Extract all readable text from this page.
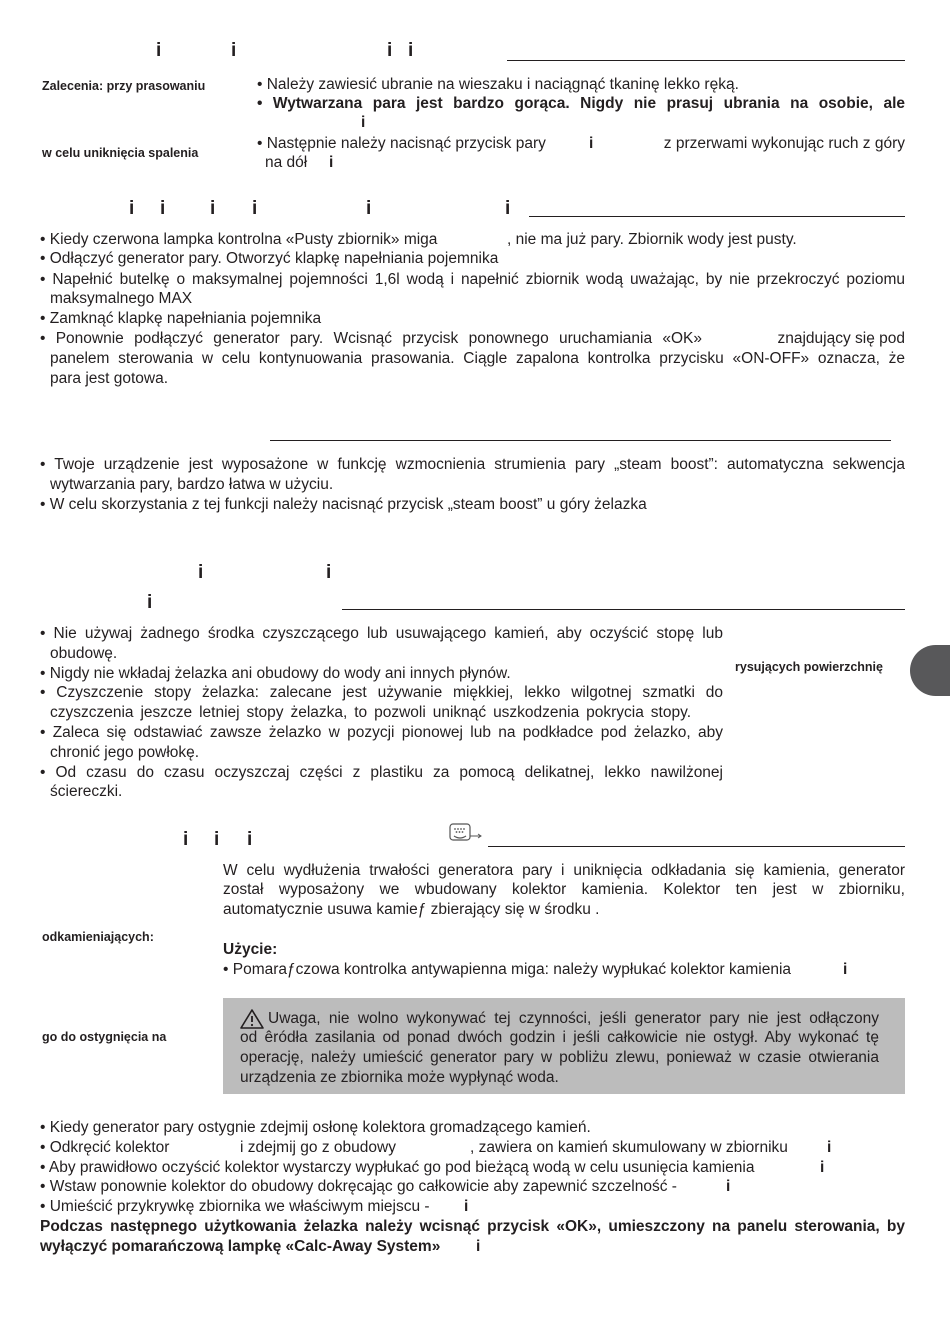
i	i	i i
Zalecenia: przy prasowaniu
w celu uniknięcia spalenia
• Należy zawiesić ubranie na wieszaku i naciągnąć tkaninę lekko ręką.
• Wytwarzana para jest bardzo gorąca. Nigdy nie prasuj ubrania na osobie, ale
i
• Następnie należy nacisnąć przycisk pary	i	z przerwami wykonując ruch z góry
na dół i
i i i i	i	i
• Kiedy czerwona lampka kontrolna «Pusty zbiornik» miga	, nie ma już pary. Zbiornik wody jest pusty.
• Odłączyć generator pary. Otworzyć klapkę napełniania pojemnika
• Napełnić butelkę o maksymalnej pojemności 1,6l wodą i napełnić zbiornik wodą uważając, by nie przekroczyć poziomu
maksymalnego MAX
• Zamknąć klapkę napełniania pojemnika
• Ponownie podłączyć generator pary. Wcisnąć przycisk ponownego uruchamiania «OK»	znajdujący się pod
panelem sterowania w celu kontynuowania prasowania. Ciągle zapalona kontrolka przycisku «ON-OFF» oznacza, że
para jest gotowa.
• Twoje urządzenie jest wyposażone w funkcję wzmocnienia strumienia pary „steam boost”: automatyczna sekwencja
wytwarzania pary, bardzo łatwa w użyciu.
• W celu skorzystania z tej funkcji należy nacisnąć przycisk „steam boost” u góry żelazka
i	i
i
• Nie używaj żadnego środka czyszczącego lub usuwającego kamień, aby oczyścić stopę lub
obudowę.
• Nigdy nie wkładaj żelazka ani obudowy do wody ani innych płynów.
• Czyszczenie stopy żelazka: zalecane jest używanie miękkiej, lekko wilgotnej szmatki do
czyszczenia jeszcze letniej stopy żelazka, to pozwoli uniknąć uszkodzenia pokrycia stopy.
• Zaleca się odstawiać zawsze żelazko w pozycji pionowej lub na podkładce pod żelazko, aby
chronić jego powłokę.
• Od czasu do czasu oczyszczaj części z plastiku za pomocą delikatnej, lekko nawilżonej
ściereczki.
rysujących powierzchnię
i i i
odkamieniających:
go do ostygnięcia na
W celu wydłużenia trwałości generatora pary i uniknięcia odkładania się kamienia, generator
został wyposażony we wbudowany kolektor kamienia. Kolektor ten jest w zbiorniku,
automatycznie usuwa kamieƒ zbierający się w środku .
Użycie:
• Pomaraƒczowa kontrolka antywapienna miga: należy wypłukać kolektor kamienia	i
Uwaga, nie wolno wykonywać tej czynności, jeśli generator pary nie jest odłączony
od êródła zasilania od ponad dwóch godzin i jeśli całkowicie nie ostygł. Aby wykonać tę
operację, należy umieścić generator pary w pobliżu zlewu, ponieważ w czasie otwierania
urządzenia ze zbiornika może wypłynąć woda.
• Kiedy generator pary ostygnie zdejmij osłonę kolektora gromadzącego kamień.
• Odkręcić kolektor	i zdejmij go z obudowy	, zawiera on kamień skumulowany w zbiorniku	i
• Aby prawidłowo oczyścić kolektor wystarczy wypłukać go pod bieżącą wodą w celu usunięcia kamienia	i
• Wstaw ponownie kolektor do obudowy dokręcając go całkowicie aby zapewnić szczelność -	i
• Umieścić przykrywkę zbiornika we właściwym miejscu - i
Podczas następnego użytkowania żelazka należy wcisnąć przycisk «OK», umieszczony na panelu sterowania, by
wyłączyć pomarańczową lampkę «Calc-Away System» i
